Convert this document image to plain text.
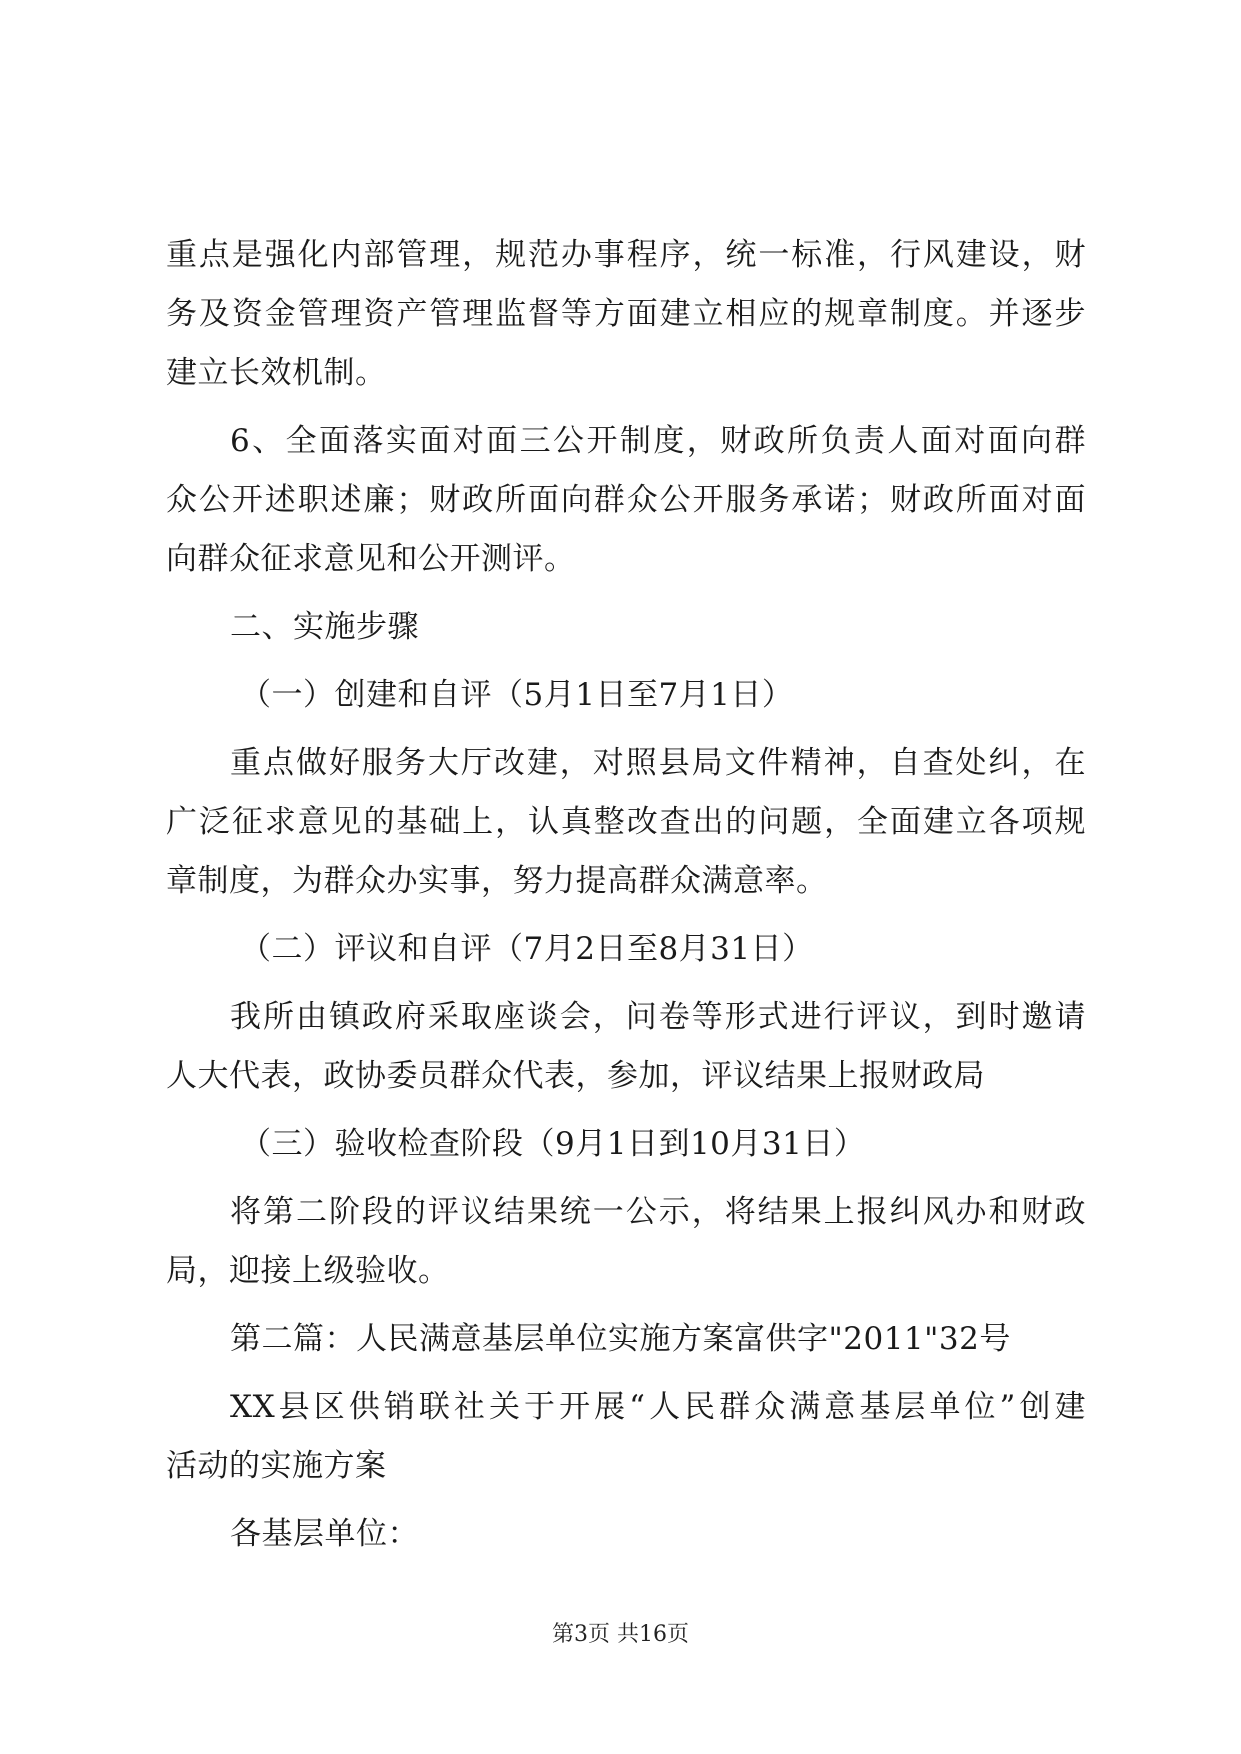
重点是强化内部管理，规范办事程序，统一标准，行风建设，财
务及资金管理资产管理监督等方面建立相应的规章制度。并逐步
建立长效机制。
6、全面落实面对面三公开制度，财政所负责人面对面向群
众公开述职述廉；财政所面向群众公开服务承诺；财政所面对面
向群众征求意见和公开测评。
二、实施步骤
（一）创建和自评（5月1日至7月1日）
重点做好服务大厅改建，对照县局文件精神，自查处纠，在
广泛征求意见的基础上，认真整改查出的问题，全面建立各项规
章制度，为群众办实事，努力提高群众满意率。
（二）评议和自评（7月2日至8月31日）
我所由镇政府采取座谈会，问卷等形式进行评议，到时邀请
人大代表，政协委员群众代表，参加，评议结果上报财政局
（三）验收检查阶段（9月1日到10月31日）
将第二阶段的评议结果统一公示，将结果上报纠风办和财政
局，迎接上级验收。
第二篇：人民满意基层单位实施方案富供字"2011"32号
XX县区供销联社关于开展“人民群众满意基层单位”创建
活动的实施方案
各基层单位：
第3页 共16页
